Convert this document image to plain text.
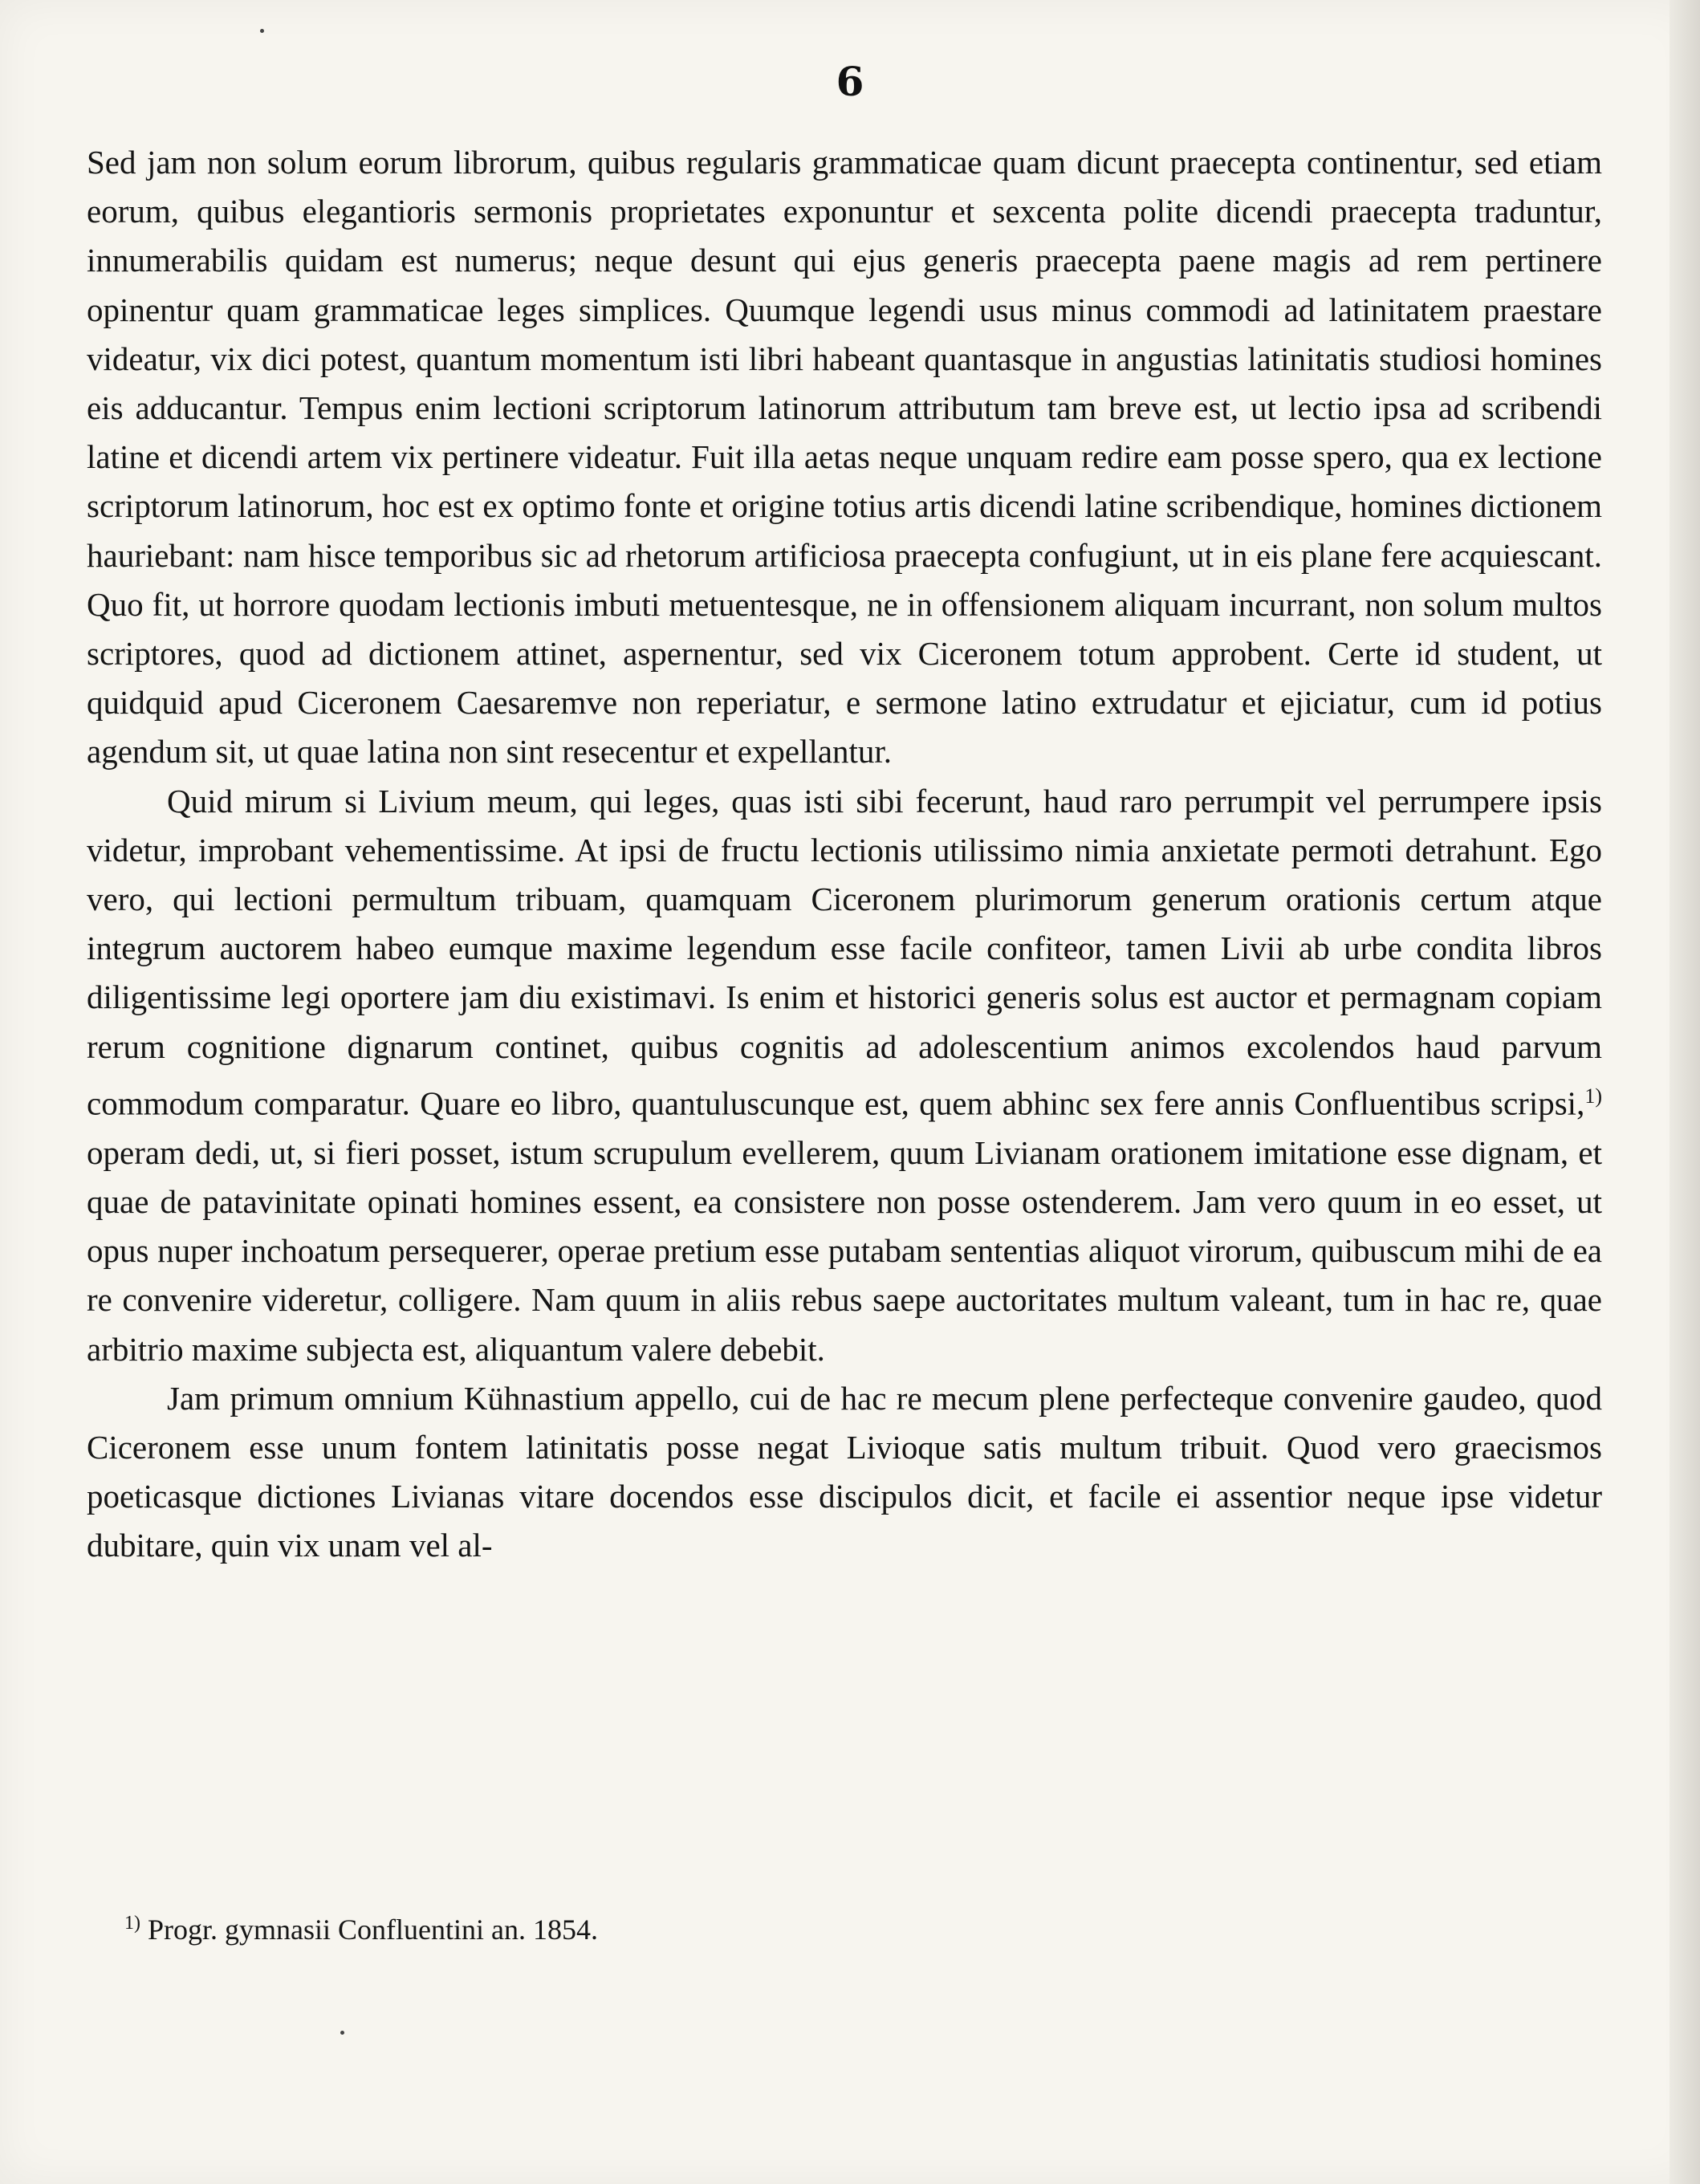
6

Sed jam non solum eorum librorum, quibus regularis grammaticae quam dicunt praecepta continentur, sed etiam eorum, quibus elegantioris sermonis proprietates exponuntur et sexcenta polite dicendi praecepta traduntur, innumerabilis quidam est numerus; neque desunt qui ejus generis praecepta paene magis ad rem pertinere opinentur quam grammaticae leges simplices. Quumque legendi usus minus commodi ad latinitatem praestare videatur, vix dici potest, quantum momentum isti libri habeant quantasque in angustias latinitatis studiosi homines eis adducantur. Tempus enim lectioni scriptorum latinorum attributum tam breve est, ut lectio ipsa ad scribendi latine et dicendi artem vix pertinere videatur. Fuit illa aetas neque unquam redire eam posse spero, qua ex lectione scriptorum latinorum, hoc est ex optimo fonte et origine totius artis dicendi latine scribendique, homines dictionem hauriebant: nam hisce temporibus sic ad rhetorum artificiosa praecepta confugiunt, ut in eis plane fere acquiescant. Quo fit, ut horrore quodam lectionis imbuti metuentesque, ne in offensionem aliquam incurrant, non solum multos scriptores, quod ad dictionem attinet, aspernentur, sed vix Ciceronem totum approbent. Certe id student, ut quidquid apud Ciceronem Caesaremve non reperiatur, e sermone latino extrudatur et ejiciatur, cum id potius agendum sit, ut quae latina non sint resecentur et expellantur.

Quid mirum si Livium meum, qui leges, quas isti sibi fecerunt, haud raro perrumpit vel perrumpere ipsis videtur, improbant vehementissime. At ipsi de fructu lectionis utilissimo nimia anxietate permoti detrahunt. Ego vero, qui lectioni permultum tribuam, quamquam Ciceronem plurimorum generum orationis certum atque integrum auctorem habeo eumque maxime legendum esse facile confiteor, tamen Livii ab urbe condita libros diligentissime legi oportere jam diu existimavi. Is enim et historici generis solus est auctor et permagnam copiam rerum cognitione dignarum continet, quibus cognitis ad adolescentium animos excolendos haud parvum commodum comparatur. Quare eo libro, quantuluscunque est, quem abhinc sex fere annis Confluentibus scripsi,$^{1)}$ operam dedi, ut, si fieri posset, istum scrupulum evellerem, quum Livianam orationem imitatione esse dignam, et quae de patavinitate opinati homines essent, ea consistere non posse ostenderem. Jam vero quum in eo esset, ut opus nuper inchoatum persequerer, operae pretium esse putabam sententias aliquot virorum, quibuscum mihi de ea re convenire videretur, colligere. Nam quum in aliis rebus saepe auctoritates multum valeant, tum in hac re, quae arbitrio maxime subjecta est, aliquantum valere debebit.

Jam primum omnium Kühnastium appello, cui de hac re mecum plene perfecteque convenire gaudeo, quod Ciceronem esse unum fontem latinitatis posse negat Livioque satis multum tribuit. Quod vero graecismos poeticasque dictiones Livianas vitare docendos esse discipulos dicit, et facile ei assentior neque ipse videtur dubitare, quin vix unam vel al-

$^{1)}$ Progr. gymnasii Confluentini an. 1854.
